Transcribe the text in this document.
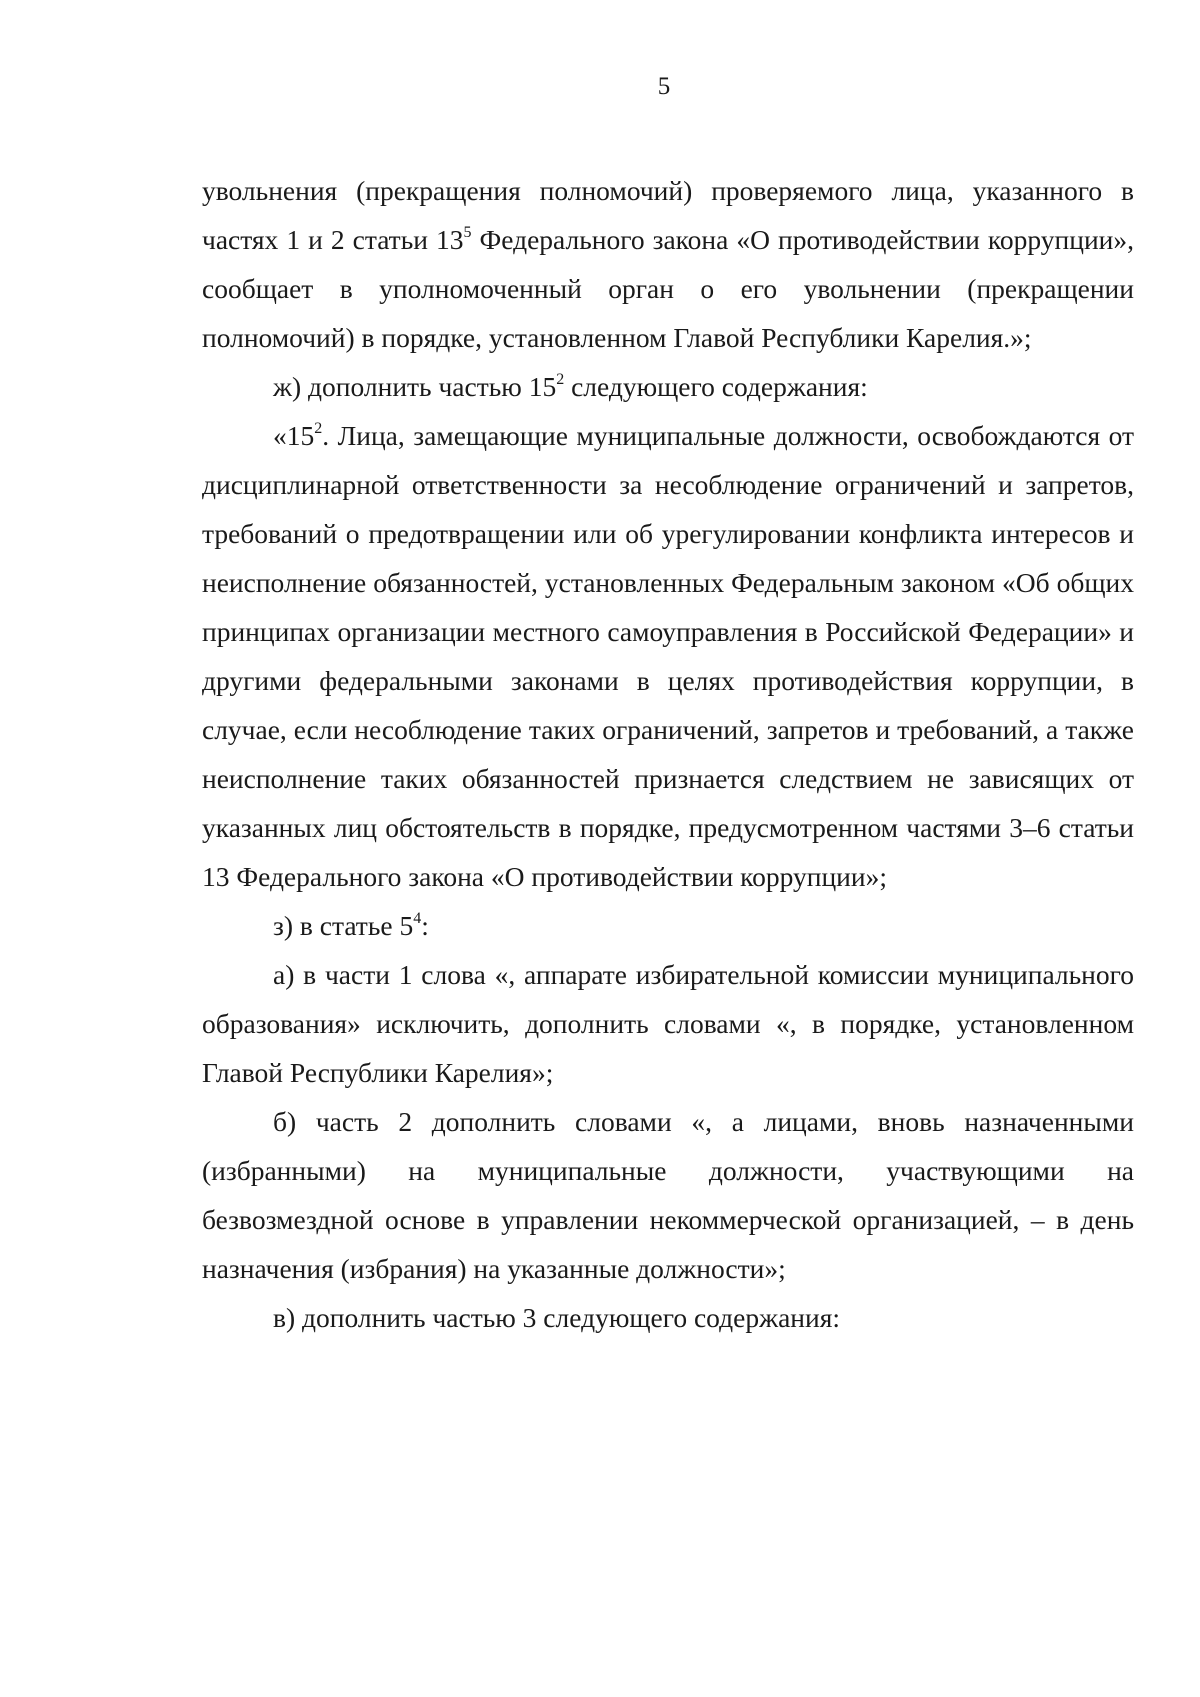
5

увольнения (прекращения полномочий) проверяемого лица, указанного в частях 1 и 2 статьи $13^5$ Федерального закона «О противодействии коррупции», сообщает в уполномоченный орган о его увольнении (прекращении полномочий) в порядке, установленном Главой Республики Карелия.»;

ж) дополнить частью $15^2$ следующего содержания:

«$15^2$. Лица, замещающие муниципальные должности, освобождаются от дисциплинарной ответственности за несоблюдение ограничений и запретов, требований о предотвращении или об урегулировании конфликта интересов и неисполнение обязанностей, установленных Федеральным законом «Об общих принципах организации местного самоуправления в Российской Федерации» и другими федеральными законами в целях противодействия коррупции, в случае, если несоблюдение таких ограничений, запретов и требований, а также неисполнение таких обязанностей признается следствием не зависящих от указанных лиц обстоятельств в порядке, предусмотренном частями 3–6 статьи 13 Федерального закона «О противодействии коррупции»;

з) в статье $5^4$:

а) в части 1 слова «, аппарате избирательной комиссии муниципального образования» исключить, дополнить словами «, в порядке, установленном Главой Республики Карелия»;

б) часть 2 дополнить словами «, а лицами, вновь назначенными (избранными) на муниципальные должности, участвующими на безвозмездной основе в управлении некоммерческой организацией, – в день назначения (избрания) на указанные должности»;

в) дополнить частью 3 следующего содержания:
